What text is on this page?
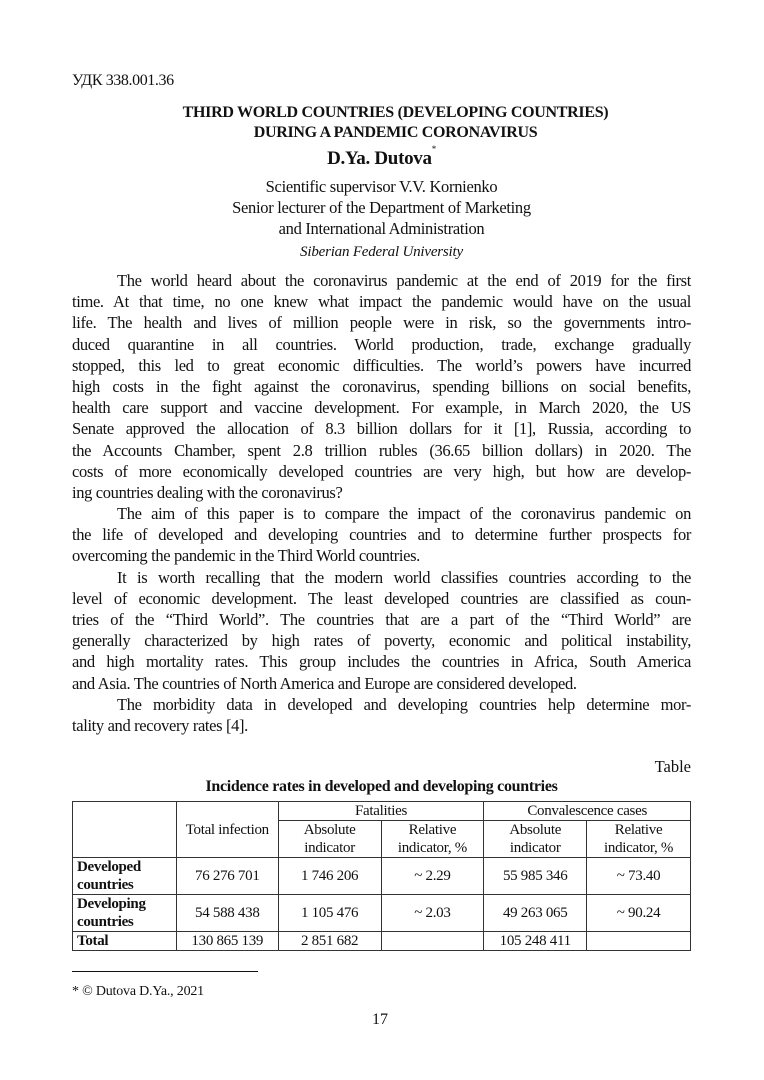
УДК 338.001.36
THIRD WORLD COUNTRIES (DEVELOPING COUNTRIES)
DURING A PANDEMIC CORONAVIRUS
D.Ya. Dutova*
Scientific supervisor V.V. Kornienko
Senior lecturer of the Department of Marketing
and International Administration
Siberian Federal University
The world heard about the coronavirus pandemic at the end of 2019 for the first
time. At that time, no one knew what impact the pandemic would have on the usual
life. The health and lives of million people were in risk, so the governments intro-
duced quarantine in all countries. World production, trade, exchange gradually
stopped, this led to great economic difficulties. The world’s powers have incurred
high costs in the fight against the coronavirus, spending billions on social benefits,
health care support and vaccine development. For example, in March 2020, the US
Senate approved the allocation of 8.3 billion dollars for it [1], Russia, according to
the Accounts Chamber, spent 2.8 trillion rubles (36.65 billion dollars) in 2020. The
costs of more economically developed countries are very high, but how are develop-
ing countries dealing with the coronavirus?
The aim of this paper is to compare the impact of the coronavirus pandemic on
the life of developed and developing countries and to determine further prospects for
overcoming the pandemic in the Third World countries.
It is worth recalling that the modern world classifies countries according to the
level of economic development. The least developed countries are classified as coun-
tries of the “Third World”. The countries that are a part of the “Third World” are
generally characterized by high rates of poverty, economic and political instability,
and high mortality rates. This group includes the countries in Africa, South America
and Asia. The countries of North America and Europe are considered developed.
The morbidity data in developed and developing countries help determine mor-
tality and recovery rates [4].
Table
Incidence rates in developed and developing countries
	Total infection	Fatalities		Convalescence cases	
		Absolute indicator	Relative indicator, %	Absolute indicator	Relative indicator, %
Developed countries	76 276 701	1 746 206	~ 2.29	55 985 346	~ 73.40
Developing countries	54 588 438	1 105 476	~ 2.03	49 263 065	~ 90.24
Total	130 865 139	2 851 682		105 248 411	
* © Dutova D.Ya., 2021
17
